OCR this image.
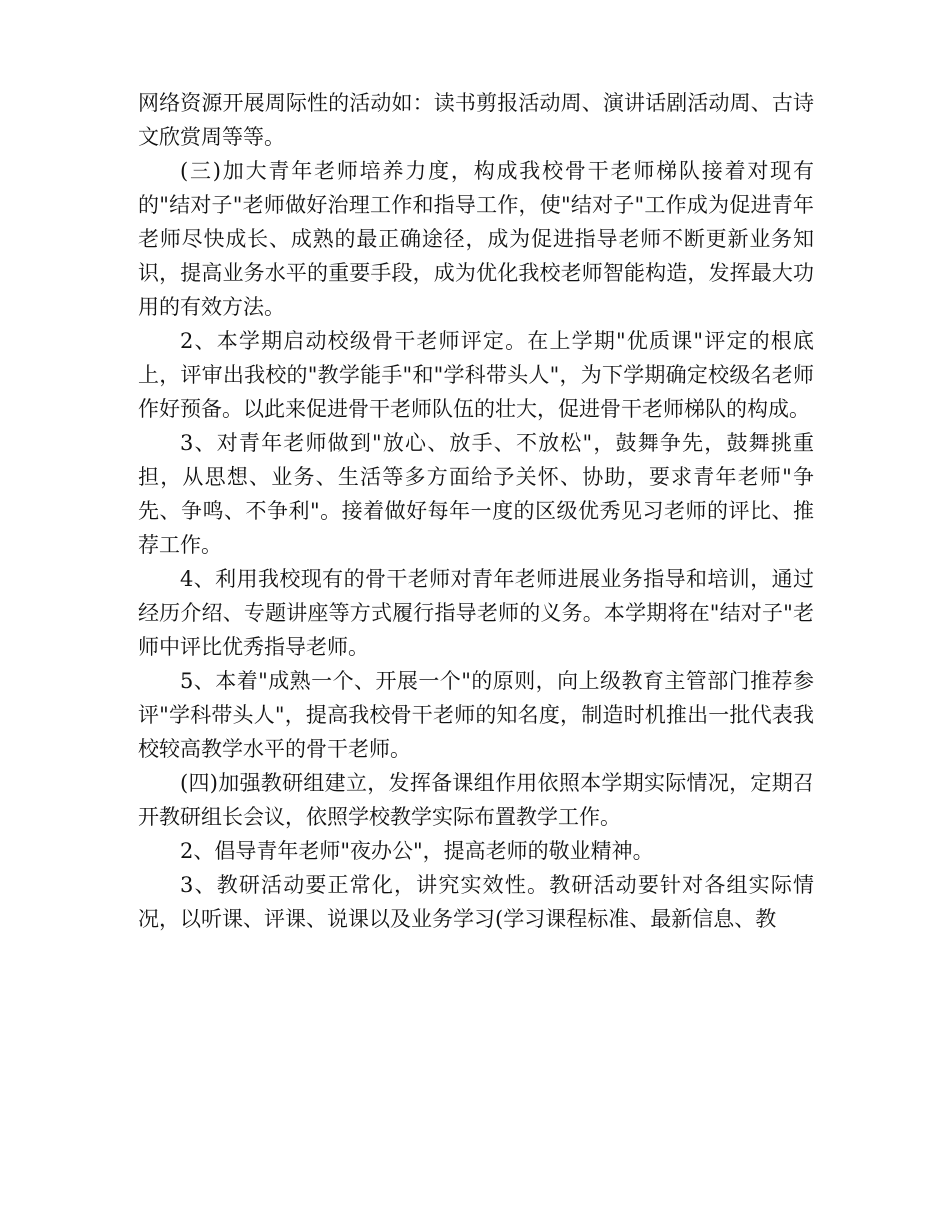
网络资源开展周际性的活动如：读书剪报活动周、演讲话剧活动周、古诗文欣赏周等等。

(三)加大青年老师培养力度，构成我校骨干老师梯队接着对现有的"结对子"老师做好治理工作和指导工作，使"结对子"工作成为促进青年老师尽快成长、成熟的最正确途径，成为促进指导老师不断更新业务知识，提高业务水平的重要手段，成为优化我校老师智能构造，发挥最大功用的有效方法。

2、本学期启动校级骨干老师评定。在上学期"优质课"评定的根底上，评审出我校的"教学能手"和"学科带头人"，为下学期确定校级名老师作好预备。以此来促进骨干老师队伍的壮大，促进骨干老师梯队的构成。

3、对青年老师做到"放心、放手、不放松"，鼓舞争先，鼓舞挑重担，从思想、业务、生活等多方面给予关怀、协助，要求青年老师"争先、争鸣、不争利"。接着做好每年一度的区级优秀见习老师的评比、推荐工作。

4、利用我校现有的骨干老师对青年老师进展业务指导和培训，通过经历介绍、专题讲座等方式履行指导老师的义务。本学期将在"结对子"老师中评比优秀指导老师。

5、本着"成熟一个、开展一个"的原则，向上级教育主管部门推荐参评"学科带头人"，提高我校骨干老师的知名度，制造时机推出一批代表我校较高教学水平的骨干老师。

(四)加强教研组建立，发挥备课组作用依照本学期实际情况，定期召开教研组长会议，依照学校教学实际布置教学工作。

2、倡导青年老师"夜办公"，提高老师的敬业精神。

3、教研活动要正常化，讲究实效性。教研活动要针对各组实际情况，以听课、评课、说课以及业务学习(学习课程标准、最新信息、教
